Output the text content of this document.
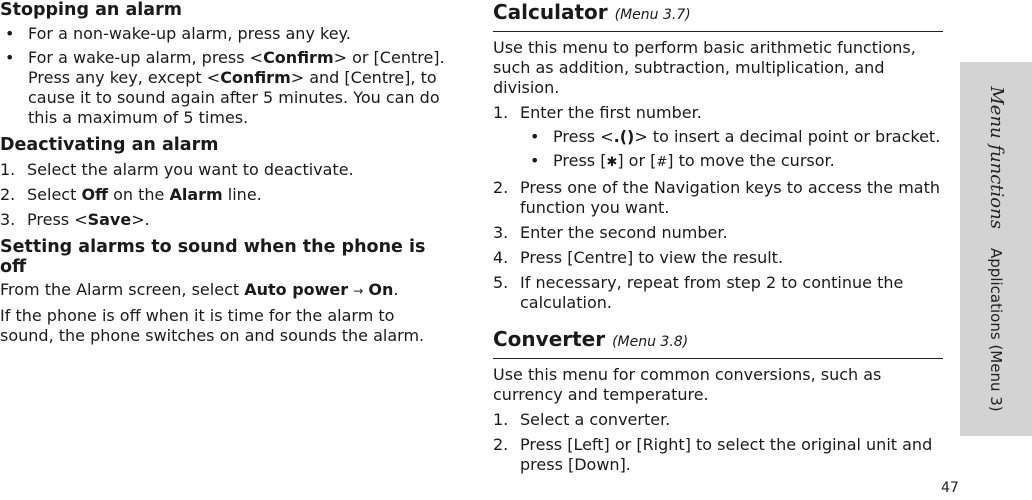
Stopping an alarm
• For a non-wake-up alarm, press any key.
• For a wake-up alarm, press <Confirm> or [Centre].

Press any key, except <Confirm> and [Centre], to cause it to sound again after 5 minutes. You can do this a maximum of 5 times.

Deactivating an alarm
1. Select the alarm you want to deactivate.
2. Select Off on the Alarm line.
3. Press <Save>.
Setting alarms to sound when the phone is off

From the Alarm screen, select Auto power → On.

If the phone is off when it is time for the alarm to sound, the phone switches on and sounds the alarm.

Calculator (Menu 3.7)

Use this menu to perform basic arithmetic functions, such as addition, subtraction, multiplication, and division.

1. Enter the first number.
• Press <.()> to insert a decimal point or bracket.
• Press [✱] or [#] to move the cursor.
2. Press one of the Navigation keys to access the math function you want.
3. Enter the second number.
4. Press [Centre] to view the result.
5. If necessary, repeat from step 2 to continue the calculation.
Converter (Menu 3.8)

Use this menu for common conversions, such as currency and temperature.

1. Select a converter.
2. Press [Left] or [Right] to select the original unit and press [Down].
Menu functions    Applications (Menu 3)
47
